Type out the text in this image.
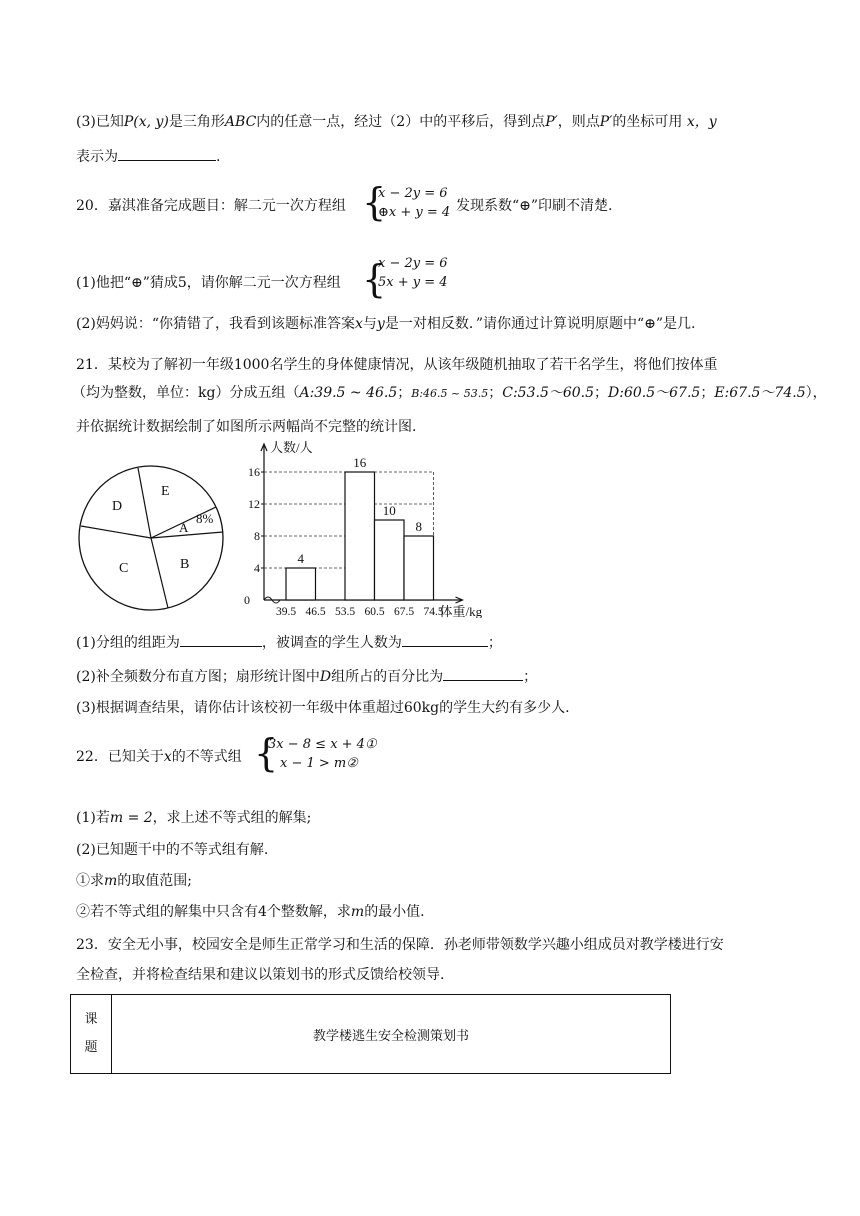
(3)已知P(x, y)是三角形ABC内的任意一点，经过（2）中的平移后，得到点P′，则点P′的坐标可用 x，y
表示为	.
20．嘉淇准备完成题目：解二元一次方程组 {
x − 2y = 6
⊕x + y = 4 发现系数“⊕”印刷不清楚.
(1)他把“⊕”猜成5，请你解二元一次方程组 {
x − 2y = 6
5x + y = 4
(2)妈妈说：“你猜错了，我看到该题标准答案x与y是一对相反数．”请你通过计算说明原题中“⊕”是几.
21．某校为了解初一年级1000名学生的身体健康情况，从该年级随机抽取了若干名学生，将他们按体重
（均为整数，单位：kg）分成五组（A:39.5 ~ 46.5；B:46.5 ~ 53.5；C:53.5～60.5；D:60.5～67.5；E:67.5～74.5），
并依据统计数据绘制了如图所示两幅尚不完整的统计图.
D
E
A
8%
B
C
人数/人
体重/kg
0
4
8
12
16
39.5 46.5 53.5 60.5 67.5 74.5
4
16
10
8
(1)分组的组距为	，被调查的学生人数为	；
(2)补全频数分布直方图；扇形统计图中D组所占的百分比为	；
(3)根据调查结果，请你估计该校初一年级中体重超过60kg的学生大约有多少人.
22．已知关于x的不等式组 {
3x − 8 ≤ x + 4①
x − 1 > m②
(1)若m = 2，求上述不等式组的解集;
(2)已知题干中的不等式组有解.
①求m的取值范围;
②若不等式组的解集中只含有4个整数解，求m的最小值.
23．安全无小事，校园安全是师生正常学习和生活的保障．孙老师带领数学兴趣小组成员对教学楼进行安
全检查，并将检查结果和建议以策划书的形式反馈给校领导.
课题	教学楼逃生安全检测策划书
